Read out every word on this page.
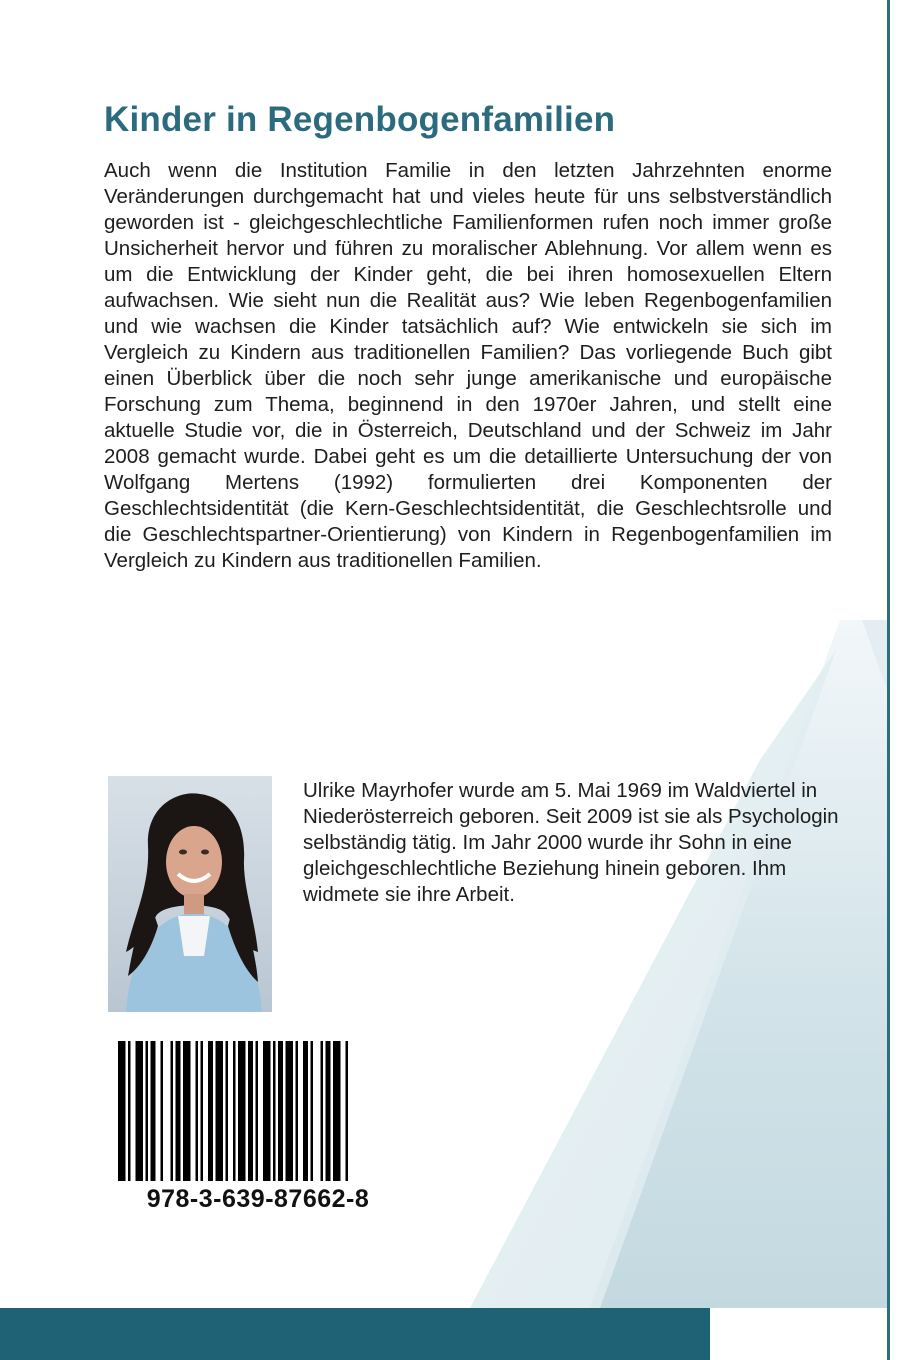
Kinder in Regenbogenfamilien

Auch wenn die Institution Familie in den letzten Jahrzehnten enorme Veränderungen durchgemacht hat und vieles heute für uns selbstverständlich geworden ist - gleichgeschlechtliche Familienformen rufen noch immer große Unsicherheit hervor und führen zu moralischer Ablehnung. Vor allem wenn es um die Entwicklung der Kinder geht, die bei ihren homosexuellen Eltern aufwachsen. Wie sieht nun die Realität aus? Wie leben Regenbogenfamilien und wie wachsen die Kinder tatsächlich auf? Wie entwickeln sie sich im Vergleich zu Kindern aus traditionellen Familien? Das vorliegende Buch gibt einen Überblick über die noch sehr junge amerikanische und europäische Forschung zum Thema, beginnend in den 1970er Jahren, und stellt eine aktuelle Studie vor, die in Österreich, Deutschland und der Schweiz im Jahr 2008 gemacht wurde. Dabei geht es um die detaillierte Untersuchung der von Wolfgang Mertens (1992) formulierten drei Komponenten der Geschlechtsidentität (die Kern-Geschlechtsidentität, die Geschlechtsrolle und die Geschlechtspartner-Orientierung) von Kindern in Regenbogenfamilien im Vergleich zu Kindern aus traditionellen Familien.

Ulrike Mayrhofer wurde am 5. Mai 1969 im Waldviertel in Niederösterreich geboren. Seit 2009 ist sie als Psychologin selbständig tätig. Im Jahr 2000 wurde ihr Sohn in eine gleichgeschlechtliche Beziehung hinein geboren. Ihm widmete sie ihre Arbeit.

978-3-639-87662-8
